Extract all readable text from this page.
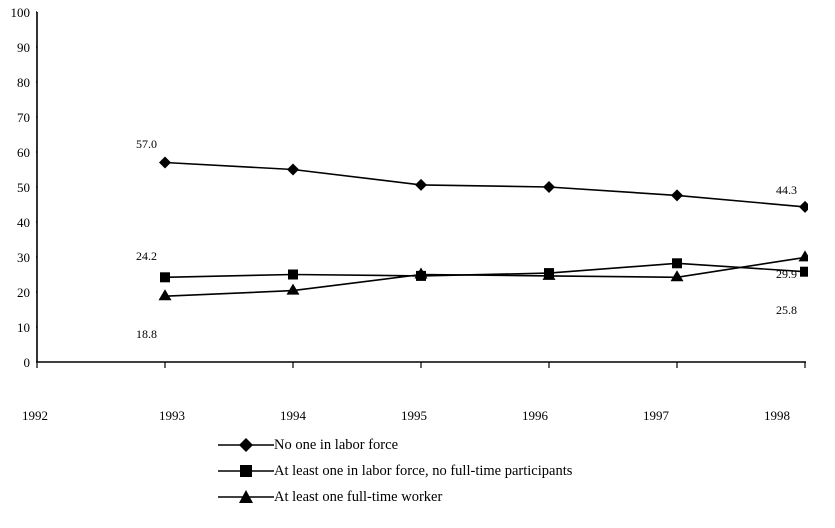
100
90
80
70
60
50
40
30
20
10
0
1992	1993	1994	1995	1996	1997	1998
57.0
44.3
24.2
25.8
18.8
29.9
No one in labor force
At least one in labor force, no full-time participants
At least one full-time worker
